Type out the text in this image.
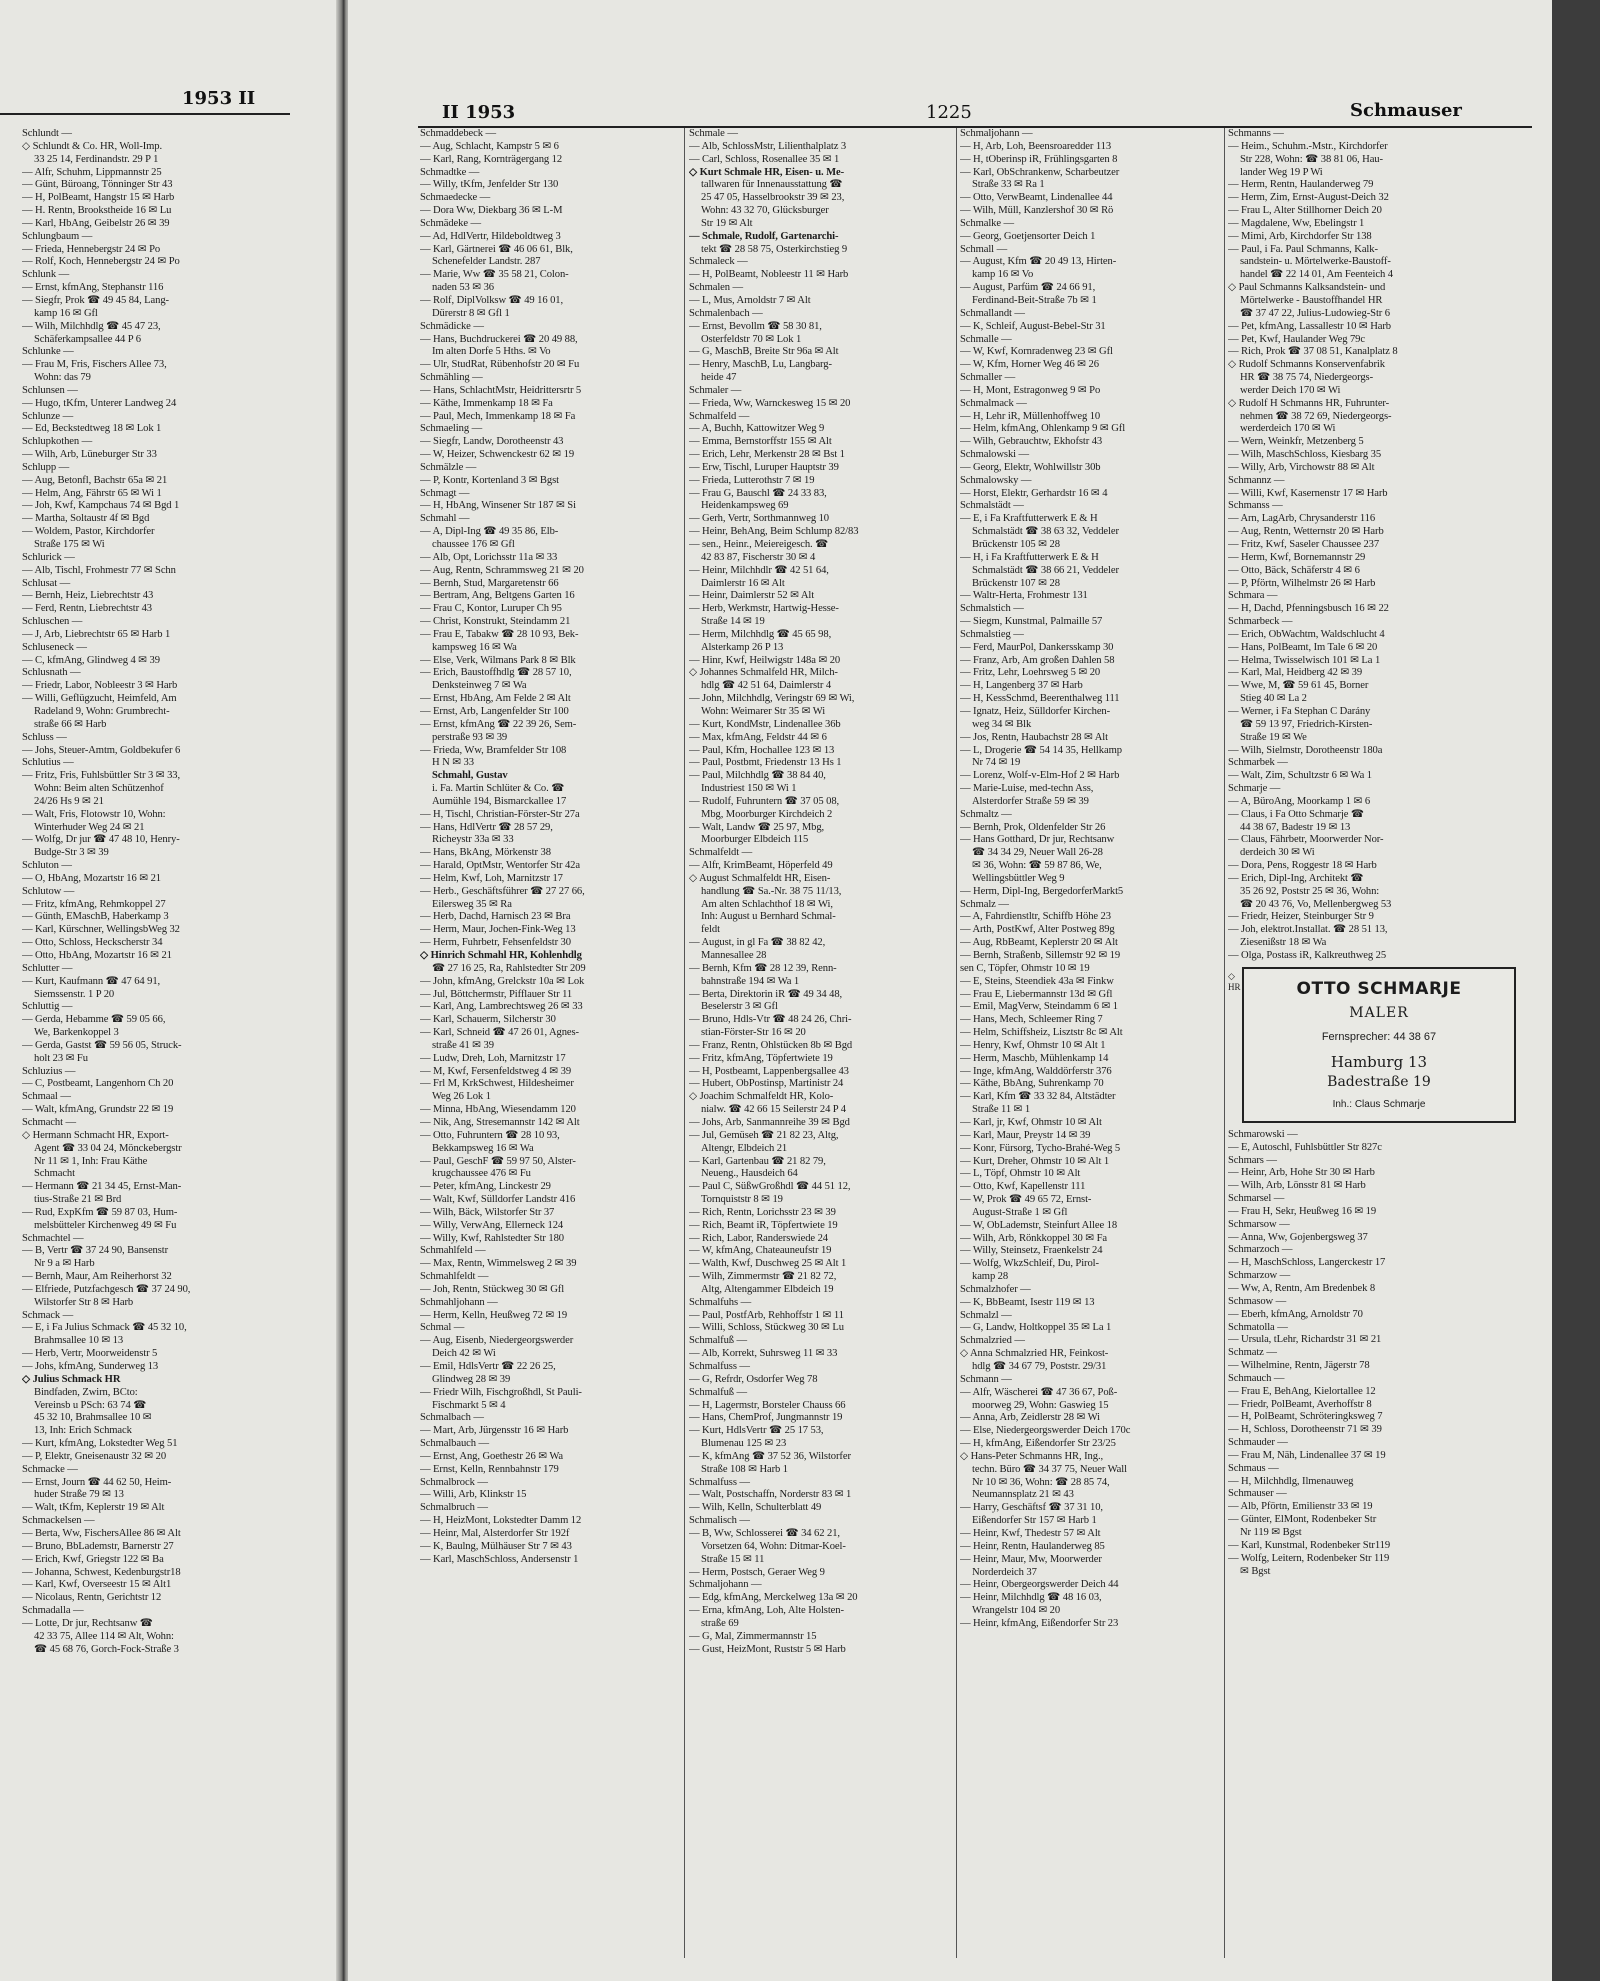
1953 II
Schlundt —
◇ Schlundt & Co. HR, Woll-Imp.
33 25 14, Ferdinandstr. 29 P 1
— Alfr, Schuhm, Lippmannstr 25
— Günt, Büroang, Tönninger Str 43
— H, PolBeamt, Hangstr 15 ✉ Harb
— H. Rentn, Brookstheide 16 ✉ Lu
— Karl, HbAng, Geibelstr 26 ✉ 39
Schlungbaum —
— Frieda, Hennebergstr 24 ✉ Po
— Rolf, Koch, Hennebergstr 24 ✉ Po
Schlunk —
— Ernst, kfmAng, Stephanstr 116
— Siegfr, Prok ☎ 49 45 84, Lang-
kamp 16 ✉ Gfl
— Wilh, Milchhdlg ☎ 45 47 23,
Schäferkampsallee 44 P 6
Schlunke —
— Frau M, Fris, Fischers Allee 73,
Wohn: das 79
Schlunsen —
— Hugo, tKfm, Unterer Landweg 24
Schlunze —
— Ed, Beckstedtweg 18 ✉ Lok 1
Schlupkothen —
— Wilh, Arb, Lüneburger Str 33
Schlupp —
— Aug, Betonfl, Bachstr 65a ✉ 21
— Helm, Ang, Fährstr 65 ✉ Wi 1
— Joh, Kwf, Kampchaus 74 ✉ Bgd 1
— Martha, Soltaustr 4f ✉ Bgd
— Woldem, Pastor, Kirchdorfer
Straße 175 ✉ Wi
Schlurick —
— Alb, Tischl, Frohmestr 77 ✉ Schn
Schlusat —
— Bernh, Heiz, Liebrechtstr 43
— Ferd, Rentn, Liebrechtstr 43
Schluschen —
— J, Arb, Liebrechtstr 65 ✉ Harb 1
Schluseneck —
— C, kfmAng, Glindweg 4 ✉ 39
Schlusnath —
— Friedr, Labor, Nobleestr 3 ✉ Harb
— Willi, Geflügzucht, Heimfeld, Am
Radeland 9, Wohn: Grumbrecht-
straße 66 ✉ Harb
Schluss —
— Johs, Steuer-Amtm, Goldbekufer 6
Schlutius —
— Fritz, Fris, Fuhlsbüttler Str 3 ✉ 33,
Wohn: Beim alten Schützenhof
24/26 Hs 9 ✉ 21
— Walt, Fris, Flotowstr 10, Wohn:
Winterhuder Weg 24 ✉ 21
— Wolfg, Dr jur ☎ 47 48 10, Henry-
Budge-Str 3 ✉ 39
Schluton —
— O, HbAng, Mozartstr 16 ✉ 21
Schlutow —
— Fritz, kfmAng, Rehmkoppel 27
— Günth, EMaschB, Haberkamp 3
— Karl, Kürschner, WellingsbWeg 32
— Otto, Schloss, Heckscherstr 34
— Otto, HbAng, Mozartstr 16 ✉ 21
Schlutter —
— Kurt, Kaufmann ☎ 47 64 91,
Siemssenstr. 1 P 20
Schluttig —
— Gerda, Hebamme ☎ 59 05 66,
We, Barkenkoppel 3
— Gerda, Gastst ☎ 59 56 05, Struck-
holt 23 ✉ Fu
Schluzius —
— C, Postbeamt, Langenhorn Ch 20
Schmaal —
— Walt, kfmAng, Grundstr 22 ✉ 19
Schmacht —
◇ Hermann Schmacht HR, Export-
Agent ☎ 33 04 24, Mönckebergstr
Nr 11 ✉ 1, Inh: Frau Käthe
Schmacht
— Hermann ☎ 21 34 45, Ernst-Man-
tius-Straße 21 ✉ Brd
— Rud, ExpKfm ☎ 59 87 03, Hum-
melsbütteler Kirchenweg 49 ✉ Fu
Schmachtel —
— B, Vertr ☎ 37 24 90, Bansenstr
Nr 9 a ✉ Harb
— Bernh, Maur, Am Reiherhorst 32
— Elfriede, Putzfachgesch ☎ 37 24 90,
Wilstorfer Str 8 ✉ Harb
Schmack —
— E, i Fa Julius Schmack ☎ 45 32 10,
Brahmsallee 10 ✉ 13
— Herb, Vertr, Moorweidenstr 5
— Johs, kfmAng, Sunderweg 13
◇ Julius Schmack HR
Bindfaden, Zwirn, BCto:
Vereinsb u PSch: 63 74 ☎
45 32 10, Brahmsallee 10 ✉
13, Inh: Erich Schmack
— Kurt, kfmAng, Lokstedter Weg 51
— P, Elektr, Gneisenaustr 32 ✉ 20
Schmacke —
— Ernst, Journ ☎ 44 62 50, Heim-
huder Straße 79 ✉ 13
— Walt, tKfm, Keplerstr 19 ✉ Alt
Schmackelsen —
— Berta, Ww, FischersAllee 86 ✉ Alt
— Bruno, BbLademstr, Barnerstr 27
— Erich, Kwf, Griegstr 122 ✉ Ba
— Johanna, Schwest, Kedenburgstr18
— Karl, Kwf, Overseestr 15 ✉ Alt1
— Nicolaus, Rentn, Gerichtstr 12
Schmadalla —
— Lotte, Dr jur, Rechtsanw ☎
42 33 75, Allee 114 ✉ Alt, Wohn:
☎ 45 68 76, Gorch-Fock-Straße 3
II 1953	1225	Schmauser
Schmaddebeck —
— Aug, Schlacht, Kampstr 5 ✉ 6
— Karl, Rang, Kornträgergang 12
Schmadtke —
— Willy, tKfm, Jenfelder Str 130
Schmaedecke —
— Dora Ww, Diekbarg 36 ✉ L-M
Schmädeke —
— Ad, HdlVertr, Hildeboldtweg 3
— Karl, Gärtnerei ☎ 46 06 61, Blk,
Schenefelder Landstr. 287
— Marie, Ww ☎ 35 58 21, Colon-
naden 53 ✉ 36
— Rolf, DiplVolksw ☎ 49 16 01,
Dürerstr 8 ✉ Gfl 1
Schmädicke —
— Hans, Buchdruckerei ☎ 20 49 88,
Im alten Dorfe 5 Hths. ✉ Vo
— Ulr, StudRat, Rübenhofstr 20 ✉ Fu
Schmähling —
— Hans, SchlachtMstr, Heidrittersrtr 5
— Käthe, Immenkamp 18 ✉ Fa
— Paul, Mech, Immenkamp 18 ✉ Fa
Schmaeling —
— Siegfr, Landw, Dorotheenstr 43
— W, Heizer, Schwenckestr 62 ✉ 19
Schmälzle —
— P, Kontr, Kortenland 3 ✉ Bgst
Schmagt —
— H, HbAng, Winsener Str 187 ✉ Si
Schmahl —
— A, Dipl-Ing ☎ 49 35 86, Elb-
chaussee 176 ✉ Gfl
— Alb, Opt, Lorichsstr 11a ✉ 33
— Aug, Rentn, Schrammsweg 21 ✉ 20
— Bernh, Stud, Margaretenstr 66
— Bertram, Ang, Beltgens Garten 16
— Frau C, Kontor, Luruper Ch 95
— Christ, Konstrukt, Steindamm 21
— Frau E, Tabakw ☎ 28 10 93, Bek-
kampsweg 16 ✉ Wa
— Else, Verk, Wilmans Park 8 ✉ Blk
— Erich, Baustoffhdlg ☎ 28 57 10,
Denksteinweg 7 ✉ Wa
— Ernst, HbAng, Am Felde 2 ✉ Alt
— Ernst, Arb, Langenfelder Str 100
— Ernst, kfmAng ☎ 22 39 26, Sem-
perstraße 93 ✉ 39
— Frieda, Ww, Bramfelder Str 108
H N ✉ 33
Schmahl, Gustav
i. Fa. Martin Schlüter & Co. ☎
Aumühle 194, Bismarckallee 17
— H, Tischl, Christian-Förster-Str 27a
— Hans, HdlVertr ☎ 28 57 29,
Richeystr 33a ✉ 33
— Hans, BkAng, Mörkenstr 38
— Harald, OptMstr, Wentorfer Str 42a
— Helm, Kwf, Loh, Marnitzstr 17
— Herb., Geschäftsführer ☎ 27 27 66,
Eilersweg 35 ✉ Ra
— Herb, Dachd, Harnisch 23 ✉ Bra
— Herm, Maur, Jochen-Fink-Weg 13
— Herm, Fuhrbetr, Fehsenfeldstr 30
◇ Hinrich Schmahl HR, Kohlenhdlg
☎ 27 16 25, Ra, Rahlstedter Str 209
— John, kfmAng, Grelckstr 10a ✉ Lok
— Jul, Böttchermstr, Pifflauer Str 11
— Karl, Ang, Lambrechtsweg 26 ✉ 33
— Karl, Schauerm, Silcherstr 30
— Karl, Schneid ☎ 47 26 01, Agnes-
straße 41 ✉ 39
— Ludw, Dreh, Loh, Marnitzstr 17
— M, Kwf, Fersenfeldstweg 4 ✉ 39
— Frl M, KrkSchwest, Hildesheimer
Weg 26 Lok 1
— Minna, HbAng, Wiesendamm 120
— Nik, Ang, Stresemannstr 142 ✉ Alt
— Otto, Fuhruntern ☎ 28 10 93,
Bekkampsweg 16 ✉ Wa
— Paul, GeschF ☎ 59 97 50, Alster-
krugchaussee 476 ✉ Fu
— Peter, kfmAng, Linckestr 29
— Walt, Kwf, Sülldorfer Landstr 416
— Wilh, Bäck, Wilstorfer Str 37
— Willy, VerwAng, Ellerneck 124
— Willy, Kwf, Rahlstedter Str 180
Schmahlfeld —
— Max, Rentn, Wimmelsweg 2 ✉ 39
Schmahlfeldt —
— Joh, Rentn, Stückweg 30 ✉ Gfl
Schmahljohann —
— Herm, Kelln, Heußweg 72 ✉ 19
Schmal —
— Aug, Eisenb, Niedergeorgswerder
Deich 42 ✉ Wi
— Emil, HdlsVertr ☎ 22 26 25,
Glindweg 28 ✉ 39
— Friedr Wilh, Fischgroßhdl, St Pauli-
Fischmarkt 5 ✉ 4
Schmalbach —
— Mart, Arb, Jürgensstr 16 ✉ Harb
Schmalbauch —
— Ernst, Ang, Goethestr 26 ✉ Wa
— Ernst, Kelln, Rennbahnstr 179
Schmalbrock —
— Willi, Arb, Klinkstr 15
Schmalbruch —
— H, HeizMont, Lokstedter Damm 12
— Heinr, Mal, Alsterdorfer Str 192f
— K, Baulng, Mülhäuser Str 7 ✉ 43
— Karl, MaschSchloss, Andersenstr 1
Schmale —
— Alb, SchlossMstr, Lilienthalplatz 3
— Carl, Schloss, Rosenallee 35 ✉ 1
◇ Kurt Schmale HR, Eisen- u. Me-
tallwaren für Innenausstattung ☎
25 47 05, Hasselbrookstr 39 ✉ 23,
Wohn: 43 32 70, Glücksburger
Str 19 ✉ Alt
— Schmale, Rudolf, Gartenarchi-
tekt ☎ 28 58 75, Osterkirchstieg 9
Schmaleck —
— H, PolBeamt, Nobleestr 11 ✉ Harb
Schmalen —
— L, Mus, Arnoldstr 7 ✉ Alt
Schmalenbach —
— Ernst, Bevollm ☎ 58 30 81,
Osterfeldstr 70 ✉ Lok 1
— G, MaschB, Breite Str 96a ✉ Alt
— Henry, MaschB, Lu, Langbarg-
heide 47
Schmaler —
— Frieda, Ww, Warnckesweg 15 ✉ 20
Schmalfeld —
— A, Buchh, Kattowitzer Weg 9
— Emma, Bernstorffstr 155 ✉ Alt
— Erich, Lehr, Merkenstr 28 ✉ Bst 1
— Erw, Tischl, Luruper Hauptstr 39
— Frieda, Lutterothstr 7 ✉ 19
— Frau G, Bauschl ☎ 24 33 83,
Heidenkampsweg 69
— Gerh, Vertr, Sorthmannweg 10
— Heinr, BehAng, Beim Schlump 82/83
— sen., Heinr., Meiereigesch. ☎
42 83 87, Fischerstr 30 ✉ 4
— Heinr, Milchhdlr ☎ 42 51 64,
Daimlerstr 16 ✉ Alt
— Heinr, Daimlerstr 52 ✉ Alt
— Herb, Werkmstr, Hartwig-Hesse-
Straße 14 ✉ 19
— Herm, Milchhdlg ☎ 45 65 98,
Alsterkamp 26 P 13
— Hinr, Kwf, Heilwigstr 148a ✉ 20
◇ Johannes Schmalfeld HR, Milch-
hdlg ☎ 42 51 64, Daimlerstr 4
— John, Milchhdlg, Veringstr 69 ✉ Wi,
Wohn: Weimarer Str 35 ✉ Wi
— Kurt, KondMstr, Lindenallee 36b
— Max, kfmAng, Feldstr 44 ✉ 6
— Paul, Kfm, Hochallee 123 ✉ 13
— Paul, Postbmt, Friedenstr 13 Hs 1
— Paul, Milchhdlg ☎ 38 84 40,
Industriest 150 ✉ Wi 1
— Rudolf, Fuhruntern ☎ 37 05 08,
Mbg, Moorburger Kirchdeich 2
— Walt, Landw ☎ 25 97, Mbg,
Moorburger Elbdeich 115
Schmalfeldt —
— Alfr, KrimBeamt, Höperfeld 49
◇ August Schmalfeldt HR, Eisen-
handlung ☎ Sa.-Nr. 38 75 11/13,
Am alten Schlachthof 18 ✉ Wi,
Inh: August u Bernhard Schmal-
feldt
— August, in gl Fa ☎ 38 82 42,
Mannesallee 28
— Bernh, Kfm ☎ 28 12 39, Renn-
bahnstraße 194 ✉ Wa 1
— Berta, Direktorin iR ☎ 49 34 48,
Beselerstr 3 ✉ Gfl
— Bruno, Hdls-Vtr ☎ 48 24 26, Chri-
stian-Förster-Str 16 ✉ 20
— Franz, Rentn, Ohlstücken 8b ✉ Bgd
— Fritz, kfmAng, Töpfertwiete 19
— H, Postbeamt, Lappenbergsallee 43
— Hubert, ObPostinsp, Martinistr 24
◇ Joachim Schmalfeldt HR, Kolo-
nialw. ☎ 42 66 15 Seilerstr 24 P 4
— Johs, Arb, Sanmannreihe 39 ✉ Bgd
— Jul, Gemüseh ☎ 21 82 23, Altg,
Altengr, Elbdeich 21
— Karl, Gartenbau ☎ 21 82 79,
Neueng., Hausdeich 64
— Paul C, SüßwGroßhdl ☎ 44 51 12,
Tornquiststr 8 ✉ 19
— Rich, Rentn, Lorichsstr 23 ✉ 39
— Rich, Beamt iR, Töpfertwiete 19
— Rich, Labor, Randerswiede 24
— W, kfmAng, Chateauneufstr 19
— Walth, Kwf, Duschweg 25 ✉ Alt 1
— Wilh, Zimmermstr ☎ 21 82 72,
Altg, Altengammer Elbdeich 19
Schmalfuhs —
— Paul, PostfArb, Rehhoffstr 1 ✉ 11
— Willi, Schloss, Stückweg 30 ✉ Lu
Schmalfuß —
— Alb, Korrekt, Suhrsweg 11 ✉ 33
Schmalfuss —
— G, Refrdr, Osdorfer Weg 78
Schmalfuß —
— H, Lagermstr, Borsteler Chauss 66
— Hans, ChemProf, Jungmannstr 19
— Kurt, HdlsVertr ☎ 25 17 53,
Blumenau 125 ✉ 23
— K, kfmAng ☎ 37 52 36, Wilstorfer
Straße 108 ✉ Harb 1
Schmalfuss —
— Walt, Postschaffn, Norderstr 83 ✉ 1
— Wilh, Kelln, Schulterblatt 49
Schmalisch —
— B, Ww, Schlosserei ☎ 34 62 21,
Vorsetzen 64, Wohn: Ditmar-Koel-
Straße 15 ✉ 11
— Herm, Postsch, Geraer Weg 9
Schmaljohann —
— Edg, kfmAng, Merckelweg 13a ✉ 20
— Erna, kfmAng, Loh, Alte Holsten-
straße 69
— G, Mal, Zimmermannstr 15
— Gust, HeizMont, Ruststr 5 ✉ Harb
Schmaljohann —
— H, Arb, Loh, Beensroaredder 113
— H, tOberinsp iR, Frühlingsgarten 8
— Karl, ObSchrankenw, Scharbeutzer
Straße 33 ✉ Ra 1
— Otto, VerwBeamt, Lindenallee 44
— Wilh, Müll, Kanzlershof 30 ✉ Rö
Schmalke —
— Georg, Goetjensorter Deich 1
Schmall —
— August, Kfm ☎ 20 49 13, Hirten-
kamp 16 ✉ Vo
— August, Parfüm ☎ 24 66 91,
Ferdinand-Beit-Straße 7b ✉ 1
Schmallandt —
— K, Schleif, August-Bebel-Str 31
Schmalle —
— W, Kwf, Kornradenweg 23 ✉ Gfl
— W, Kfm, Horner Weg 46 ✉ 26
Schmaller —
— H, Mont, Estragonweg 9 ✉ Po
Schmalmack —
— H, Lehr iR, Müllenhoffweg 10
— Helm, kfmAng, Ohlenkamp 9 ✉ Gfl
— Wilh, Gebrauchtw, Ekhofstr 43
Schmalowski —
— Georg, Elektr, Wohlwillstr 30b
Schmalowsky —
— Horst, Elektr, Gerhardstr 16 ✉ 4
Schmalstädt —
— E, i Fa Kraftfutterwerk E & H
Schmalstädt ☎ 38 63 32, Veddeler
Brückenstr 105 ✉ 28
— H, i Fa Kraftfutterwerk E & H
Schmalstädt ☎ 38 66 21, Veddeler
Brückenstr 107 ✉ 28
— Waltr-Herta, Frohmestr 131
Schmalstich —
— Siegm, Kunstmal, Palmaille 57
Schmalstieg —
— Ferd, MaurPol, Dankersskamp 30
— Franz, Arb, Am großen Dahlen 58
— Fritz, Lehr, Loehrsweg 5 ✉ 20
— H, Langenberg 37 ✉ Harb
— H, KessSchmd, Beerenthalweg 111
— Ignatz, Heiz, Sülldorfer Kirchen-
weg 34 ✉ Blk
— Jos, Rentn, Haubachstr 28 ✉ Alt
— L, Drogerie ☎ 54 14 35, Hellkamp
Nr 74 ✉ 19
— Lorenz, Wolf-v-Elm-Hof 2 ✉ Harb
— Marie-Luise, med-techn Ass,
Alsterdorfer Straße 59 ✉ 39
Schmaltz —
— Bernh, Prok, Oldenfelder Str 26
— Hans Gotthard, Dr jur, Rechtsanw
☎ 34 34 29, Neuer Wall 26-28
✉ 36, Wohn: ☎ 59 87 86, We,
Wellingsbüttler Weg 9
— Herm, Dipl-Ing, BergedorferMarkt5
Schmalz —
— A, Fahrdienstltr, Schiffb Höhe 23
— Arth, PostKwf, Alter Postweg 89g
— Aug, RbBeamt, Keplerstr 20 ✉ Alt
— Bernh, Straßenb, Sillemstr 92 ✉ 19
sen C, Töpfer, Ohmstr 10 ✉ 19
— E, Steins, Steendiek 43a ✉ Finkw
— Frau E, Liebermannstr 13d ✉ Gfl
— Emil, MagVerw, Steindamm 6 ✉ 1
— Hans, Mech, Schleemer Ring 7
— Helm, Schiffsheiz, Lisztstr 8c ✉ Alt
— Henry, Kwf, Ohmstr 10 ✉ Alt 1
— Herm, Maschb, Mühlenkamp 14
— Inge, kfmAng, Walddörferstr 376
— Käthe, BbAng, Suhrenkamp 70
— Karl, Kfm ☎ 33 32 84, Altstädter
Straße 11 ✉ 1
— Karl, jr, Kwf, Ohmstr 10 ✉ Alt
— Karl, Maur, Preystr 14 ✉ 39
— Konr, Fürsorg, Tycho-Brahé-Weg 5
— Kurt, Dreher, Ohmstr 10 ✉ Alt 1
— L, Töpf, Ohmstr 10 ✉ Alt
— Otto, Kwf, Kapellenstr 111
— W, Prok ☎ 49 65 72, Ernst-
August-Straße 1 ✉ Gfl
— W, ObLademstr, Steinfurt Allee 18
— Wilh, Arb, Rönkkoppel 30 ✉ Fa
— Willy, Steinsetz, Fraenkelstr 24
— Wolfg, WkzSchleif, Du, Pirol-
kamp 28
Schmalzhofer —
— K, BbBeamt, Isestr 119 ✉ 13
Schmalzl —
— G, Landw, Holtkoppel 35 ✉ La 1
Schmalzried —
◇ Anna Schmalzried HR, Feinkost-
hdlg ☎ 34 67 79, Poststr. 29/31
Schmann —
— Alfr, Wäscherei ☎ 47 36 67, Poß-
moorweg 29, Wohn: Gaswieg 15
— Anna, Arb, Zeidlerstr 28 ✉ Wi
— Else, Niedergeorgswerder Deich 170c
— H, kfmAng, Eißendorfer Str 23/25
◇ Hans-Peter Schmanns HR, Ing.,
techn. Büro ☎ 34 37 75, Neuer Wall
Nr 10 ✉ 36, Wohn: ☎ 28 85 74,
Neumannsplatz 21 ✉ 43
— Harry, Geschäftsf ☎ 37 31 10,
Eißendorfer Str 157 ✉ Harb 1
— Heinr, Kwf, Thedestr 57 ✉ Alt
— Heinr, Rentn, Haulanderweg 85
— Heinr, Maur, Mw, Moorwerder
Norderdeich 37
— Heinr, Obergeorgswerder Deich 44
— Heinr, Milchhdlg ☎ 48 16 03,
Wrangelstr 104 ✉ 20
— Heinr, kfmAng, Eißendorfer Str 23
Schmanns —
— Heim., Schuhm.-Mstr., Kirchdorfer
Str 228, Wohn: ☎ 38 81 06, Hau-
lander Weg 19 P Wi
— Herm, Rentn, Haulanderweg 79
— Herm, Zim, Ernst-August-Deich 32
— Frau L, Alter Stillhorner Deich 20
— Magdalene, Ww, Ebelingstr 1
— Mimi, Arb, Kirchdorfer Str 138
— Paul, i Fa. Paul Schmanns, Kalk-
sandstein- u. Mörtelwerke-Baustoff-
handel ☎ 22 14 01, Am Feenteich 4
◇ Paul Schmanns Kalksandstein- und
Mörtelwerke - Baustoffhandel HR
☎ 37 47 22, Julius-Ludowieg-Str 6
— Pet, kfmAng, Lassallestr 10 ✉ Harb
— Pet, Kwf, Haulander Weg 79c
— Rich, Prok ☎ 37 08 51, Kanalplatz 8
◇ Rudolf Schmanns Konservenfabrik
HR ☎ 38 75 74, Niedergeorgs-
werder Deich 170 ✉ Wi
◇ Rudolf H Schmanns HR, Fuhrunter-
nehmen ☎ 38 72 69, Niedergeorgs-
werderdeich 170 ✉ Wi
— Wern, Weinkfr, Metzenberg 5
— Wilh, MaschSchloss, Kiesbarg 35
— Willy, Arb, Virchowstr 88 ✉ Alt
Schmannz —
— Willi, Kwf, Kasernenstr 17 ✉ Harb
Schmanss —
— Arn, LagArb, Chrysanderstr 116
— Aug, Rentn, Wetternstr 20 ✉ Harb
— Fritz, Kwf, Saseler Chaussee 237
— Herm, Kwf, Bornemannstr 29
— Otto, Bäck, Schäferstr 4 ✉ 6
— P, Pförtn, Wilhelmstr 26 ✉ Harb
Schmara —
— H, Dachd, Pfenningsbusch 16 ✉ 22
Schmarbeck —
— Erich, ObWachtm, Waldschlucht 4
— Hans, PolBeamt, Im Tale 6 ✉ 20
— Helma, Twisselwisch 101 ✉ La 1
— Karl, Mal, Heidberg 42 ✉ 39
— Wwe, M, ☎ 59 61 45, Borner
Stieg 40 ✉ La 2
— Werner, i Fa Stephan C Darány
☎ 59 13 97, Friedrich-Kirsten-
Straße 19 ✉ We
— Wilh, Sielmstr, Dorotheenstr 180a
Schmarbek —
— Walt, Zim, Schultzstr 6 ✉ Wa 1
Schmarje —
— A, BüroAng, Moorkamp 1 ✉ 6
— Claus, i Fa Otto Schmarje ☎
44 38 67, Badestr 19 ✉ 13
— Claus, Fährbetr, Moorwerder Nor-
derdeich 30 ✉ Wi
— Dora, Pens, Roggestr 18 ✉ Harb
— Erich, Dipl-Ing, Architekt ☎
35 26 92, Poststr 25 ✉ 36, Wohn:
☎ 20 43 76, Vo, Mellenbergweg 53
— Friedr, Heizer, Steinburger Str 9
— Joh, elektrot.Installat. ☎ 28 51 13,
Ziesenißstr 18 ✉ Wa
— Olga, Postass iR, Kalkreuthweg 25
◇ HR	OTTO SCHMARJE
MALER
Fernsprecher: 44 38 67
Hamburg 13
Badestraße 19
Inh.: Claus Schmarje
Schmarowski —
— E, Autoschl, Fuhlsbüttler Str 827c
Schmars —
— Heinr, Arb, Hohe Str 30 ✉ Harb
— Wilh, Arb, Lönsstr 81 ✉ Harb
Schmarsel —
— Frau H, Sekr, Heußweg 16 ✉ 19
Schmarsow —
— Anna, Ww, Gojenbergsweg 37
Schmarzoch —
— H, MaschSchloss, Langerckestr 17
Schmarzow —
— Ww, A, Rentn, Am Bredenbek 8
Schmasow —
— Eberh, kfmAng, Arnoldstr 70
Schmatolla —
— Ursula, tLehr, Richardstr 31 ✉ 21
Schmatz —
— Wilhelmine, Rentn, Jägerstr 78
Schmauch —
— Frau E, BehAng, Kielortallee 12
— Friedr, PolBeamt, Averhoffstr 8
— H, PolBeamt, Schröteringksweg 7
— H, Schloss, Dorotheenstr 71 ✉ 39
Schmauder —
— Frau M, Näh, Lindenallee 37 ✉ 19
Schmaus —
— H, Milchhdlg, Ilmenauweg
Schmauser —
— Alb, Pförtn, Emilienstr 33 ✉ 19
— Günter, ElMont, Rodenbeker Str
Nr 119 ✉ Bgst
— Karl, Kunstmal, Rodenbeker Str119
— Wolfg, Leitern, Rodenbeker Str 119
✉ Bgst
